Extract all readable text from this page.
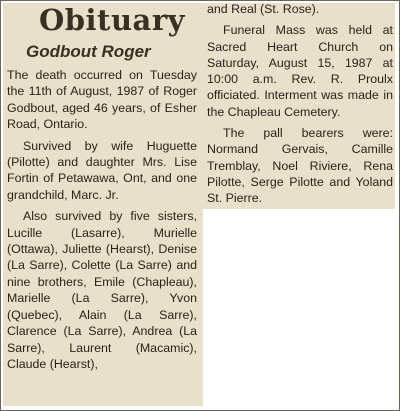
Obituary
Godbout Roger

The death occurred on Tuesday the 11th of August, 1987 of Roger Godbout, aged 46 years, of Esher Road, Ontario.

Survived by wife Huguette (Pilotte) and daughter Mrs. Lise Fortin of Petawawa, Ont, and one grandchild, Marc. Jr.

Also survived by five sisters, Lucille (Lasarre), Murielle (Ottawa), Juliette (Hearst), Denise (La Sarre), Colette (La Sarre) and nine brothers, Emile (Chapleau), Marielle (La Sarre), Yvon (Quebec), Alain (La Sarre), Clarence (La Sarre), Andrea (La Sarre), Laurent (Macamic), Claude (Hearst),

and Real (St. Rose).

Funeral Mass was held at Sacred Heart Church on Saturday, August 15, 1987 at 10:00 a.m. Rev. R. Proulx officiated. Interment was made in the Chapleau Cemetery.

The pall bearers were: Normand Gervais, Camille Tremblay, Noel Riviere, Rena Pilotte, Serge Pilotte and Yoland St. Pierre.
